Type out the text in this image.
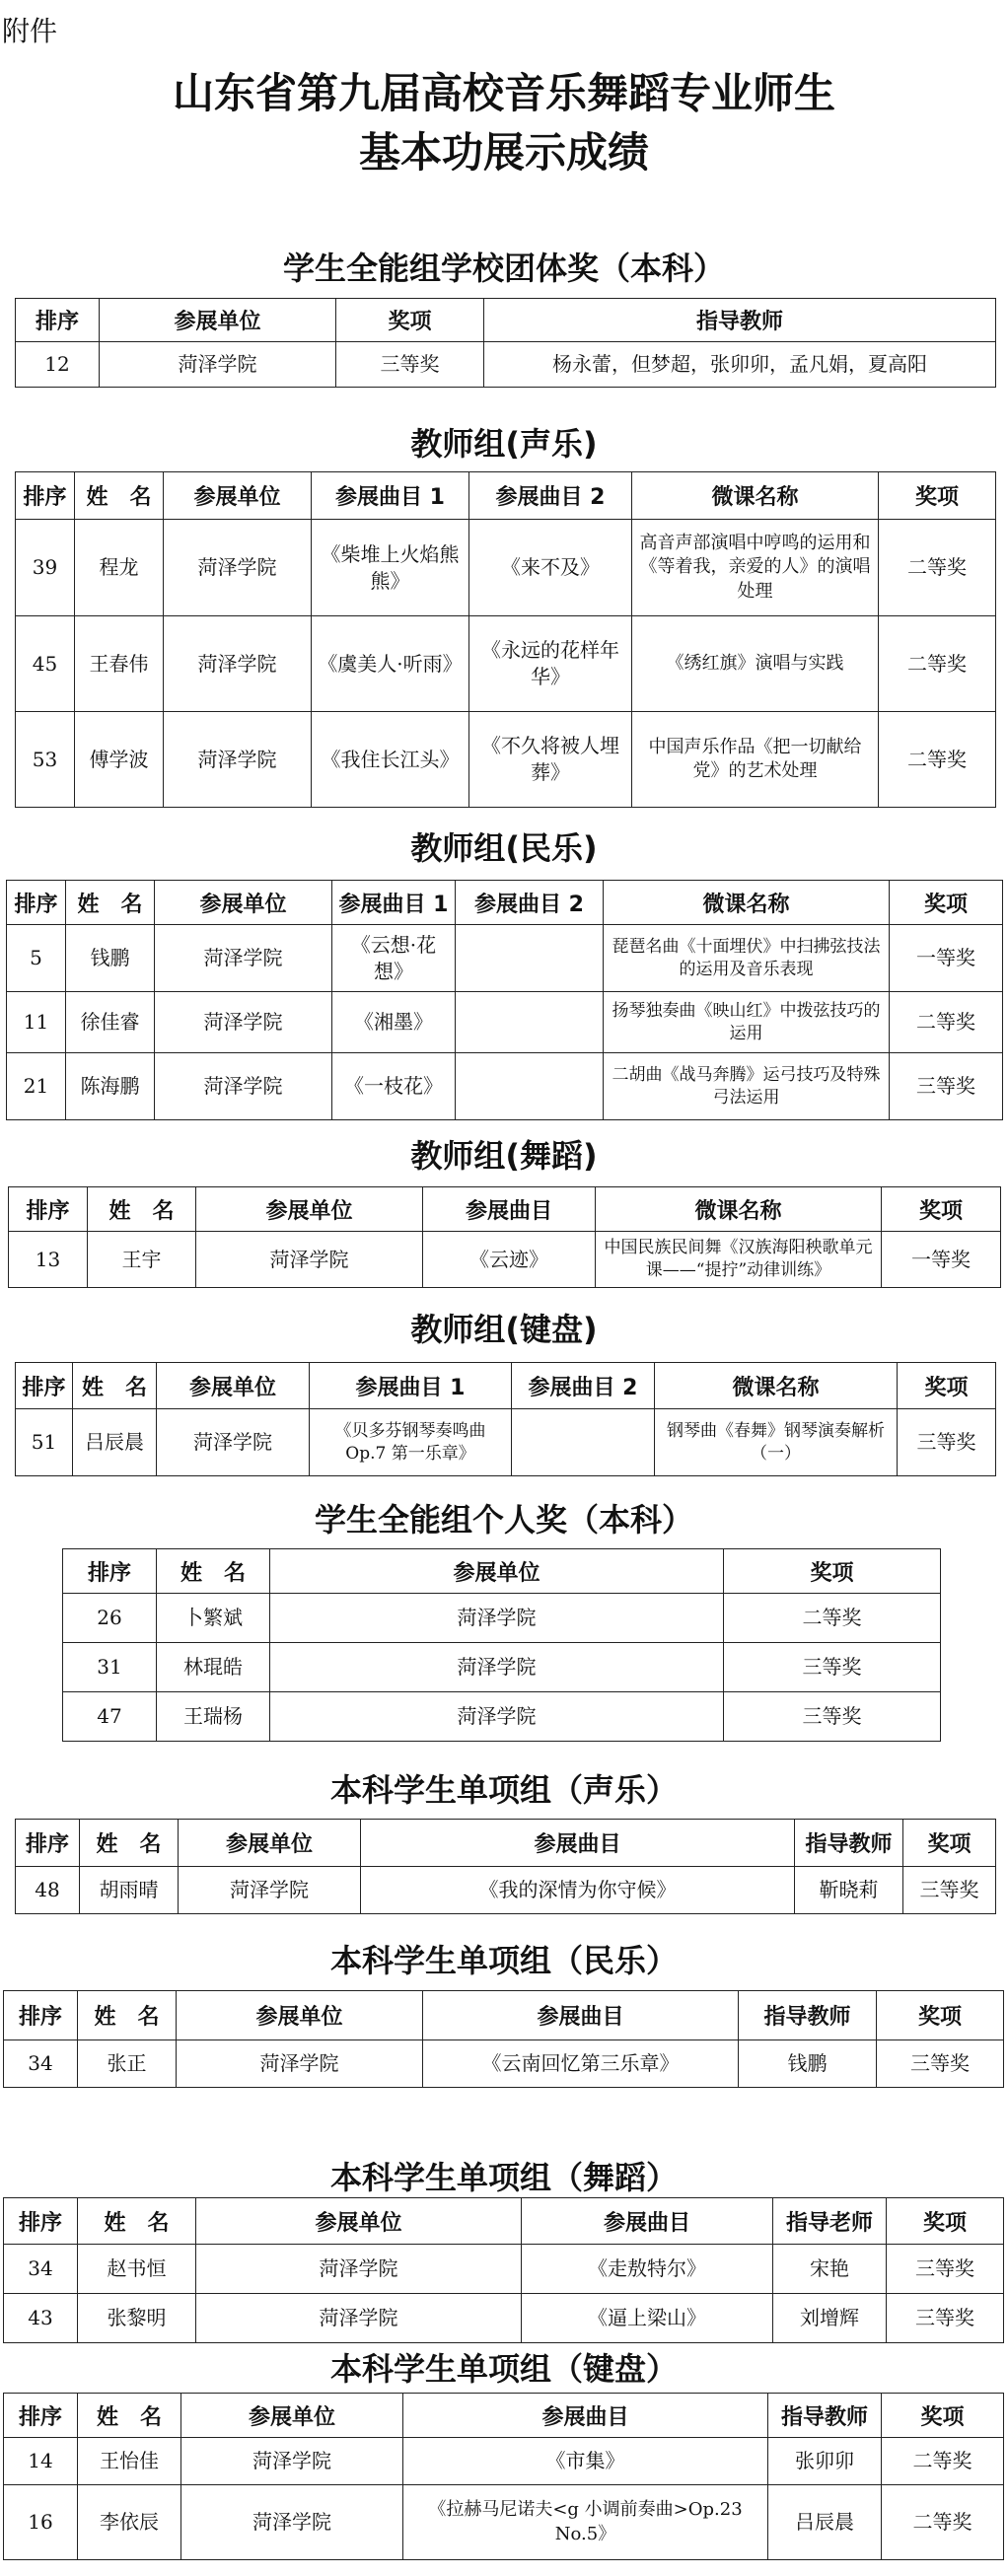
附件
山东省第九届高校音乐舞蹈专业师生
基本功展示成绩
学生全能组学校团体奖（本科）
排序	参展单位	奖项	指导教师
12	菏泽学院	三等奖	杨永蕾，但梦超，张卯卯，孟凡娟，夏高阳
教师组(声乐)
排序	姓　名	参展单位	参展曲目 1	参展曲目 2	微课名称	奖项
39	程龙	菏泽学院	《柴堆上火焰熊熊》	《来不及》	高音声部演唱中哼鸣的运用和《等着我，亲爱的人》的演唱处理	二等奖
45	王春伟	菏泽学院	《虞美人·听雨》	《永远的花样年华》	《绣红旗》演唱与实践	二等奖
53	傅学波	菏泽学院	《我住长江头》	《不久将被人埋葬》	中国声乐作品《把一切献给党》的艺术处理	二等奖
教师组(民乐)
排序	姓　名	参展单位	参展曲目 1	参展曲目 2	微课名称	奖项
5	钱鹏	菏泽学院	《云想·花想》		琵琶名曲《十面埋伏》中扫拂弦技法的运用及音乐表现	一等奖
11	徐佳睿	菏泽学院	《湘墨》		扬琴独奏曲《映山红》中拨弦技巧的运用	二等奖
21	陈海鹏	菏泽学院	《一枝花》		二胡曲《战马奔腾》运弓技巧及特殊弓法运用	三等奖
教师组(舞蹈)
排序	姓　名	参展单位	参展曲目	微课名称	奖项
13	王宇	菏泽学院	《云迹》	中国民族民间舞《汉族海阳秧歌单元课——“提拧”动律训练》	一等奖
教师组(键盘)
排序	姓　名	参展单位	参展曲目 1	参展曲目 2	微课名称	奖项
51	吕辰晨	菏泽学院	《贝多芬钢琴奏鸣曲 Op.7 第一乐章》		钢琴曲《春舞》钢琴演奏解析（一）	三等奖
学生全能组个人奖（本科）
排序	姓　名	参展单位	奖项
26	卜繁斌	菏泽学院	二等奖
31	林琨皓	菏泽学院	三等奖
47	王瑞杨	菏泽学院	三等奖
本科学生单项组（声乐）
排序	姓　名	参展单位	参展曲目	指导教师	奖项
48	胡雨晴	菏泽学院	《我的深情为你守候》	靳晓莉	三等奖
本科学生单项组（民乐）
排序	姓　名	参展单位	参展曲目	指导教师	奖项
34	张正	菏泽学院	《云南回忆第三乐章》	钱鹏	三等奖
本科学生单项组（舞蹈）
排序	姓　名	参展单位	参展曲目	指导老师	奖项
34	赵书恒	菏泽学院	《走敖特尔》	宋艳	三等奖
43	张黎明	菏泽学院	《逼上梁山》	刘增辉	三等奖
本科学生单项组（键盘）
排序	姓　名	参展单位	参展曲目	指导教师	奖项
14	王怡佳	菏泽学院	《市集》	张卯卯	二等奖
16	李依辰	菏泽学院	《拉赫马尼诺夫<g 小调前奏曲>Op.23 No.5》	吕辰晨	二等奖
